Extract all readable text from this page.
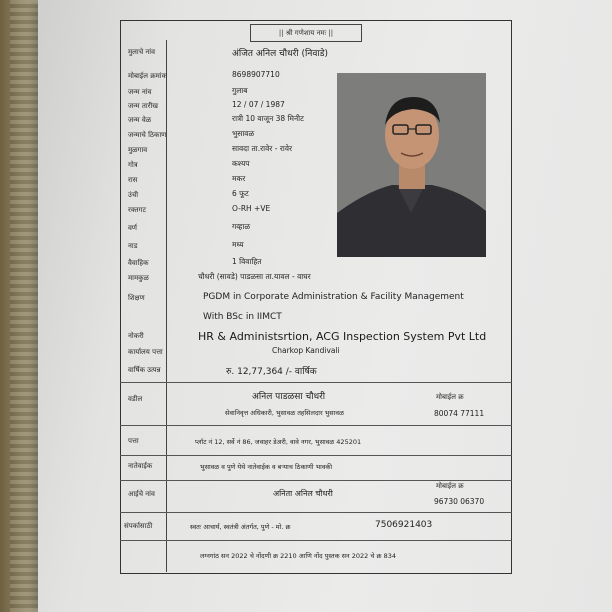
|| श्री गणेशाय नमः ||
मुलाचे नांव	अंजित अनिल चौधरी (निवाडे)
मोबाईल क्रमांक	8698907710
जन्म नांव	गुलाब
जन्म तारीख	12 / 07 / 1987
जन्म वेळ	रात्री 10 वाजून 38 मिनीट
जन्माचे ठिकाण	भुसावळ
मुळगाव	सावदा ता.रावेर - रावेर
गोत्र	कश्यप
रास	मकर
उंची	6 फूट
रक्तगट	O-RH +VE
वर्ण	गव्हाळ
नाड	मध्य
वैवाहिक	1 विवाहित
मामकुळ	चौधरी (सावडे) पाडळसा ता.यावल - वाघर
शिक्षण	PGDM in Corporate Administration & Facility Management
With BSc in IIMCT
नोकरी	HR & Administsrtion, ACG Inspection System Pvt Ltd
कार्यालय पत्ता	Charkop Kandivali
वार्षिक उत्पन्न	रु. 12,77,364 /- वार्षिक
वडील	अनिल पाडळसा चौधरी
सेवानिवृत्त अधिकारी, भुसावळ तहसिलदार भुसावळ
मोबाईल क्र
80074 77111
पत्ता	प्लॉट नं 12, सर्वे नं 86, जवाहर डेअरी, वावे नगर, भुसावळ 425201
नातेवाईक	भुसावळ व पुणे येथे नातेवाईक व बऱ्याच ठिकाणी भावकी
आईचे नांव	अनिता अनिल चौधरी
मोबाईल क्र
96730 06370
संपर्कासाठी	स्वतः आचार्य, स्वतंत्री अंतर्गत, पुणे - मो. क्र	7506921403
लग्नगांठ सन 2022 चे नोंदणी क्र 2210 आणि नोंद पुस्तक सन 2022 चे क्र 834
